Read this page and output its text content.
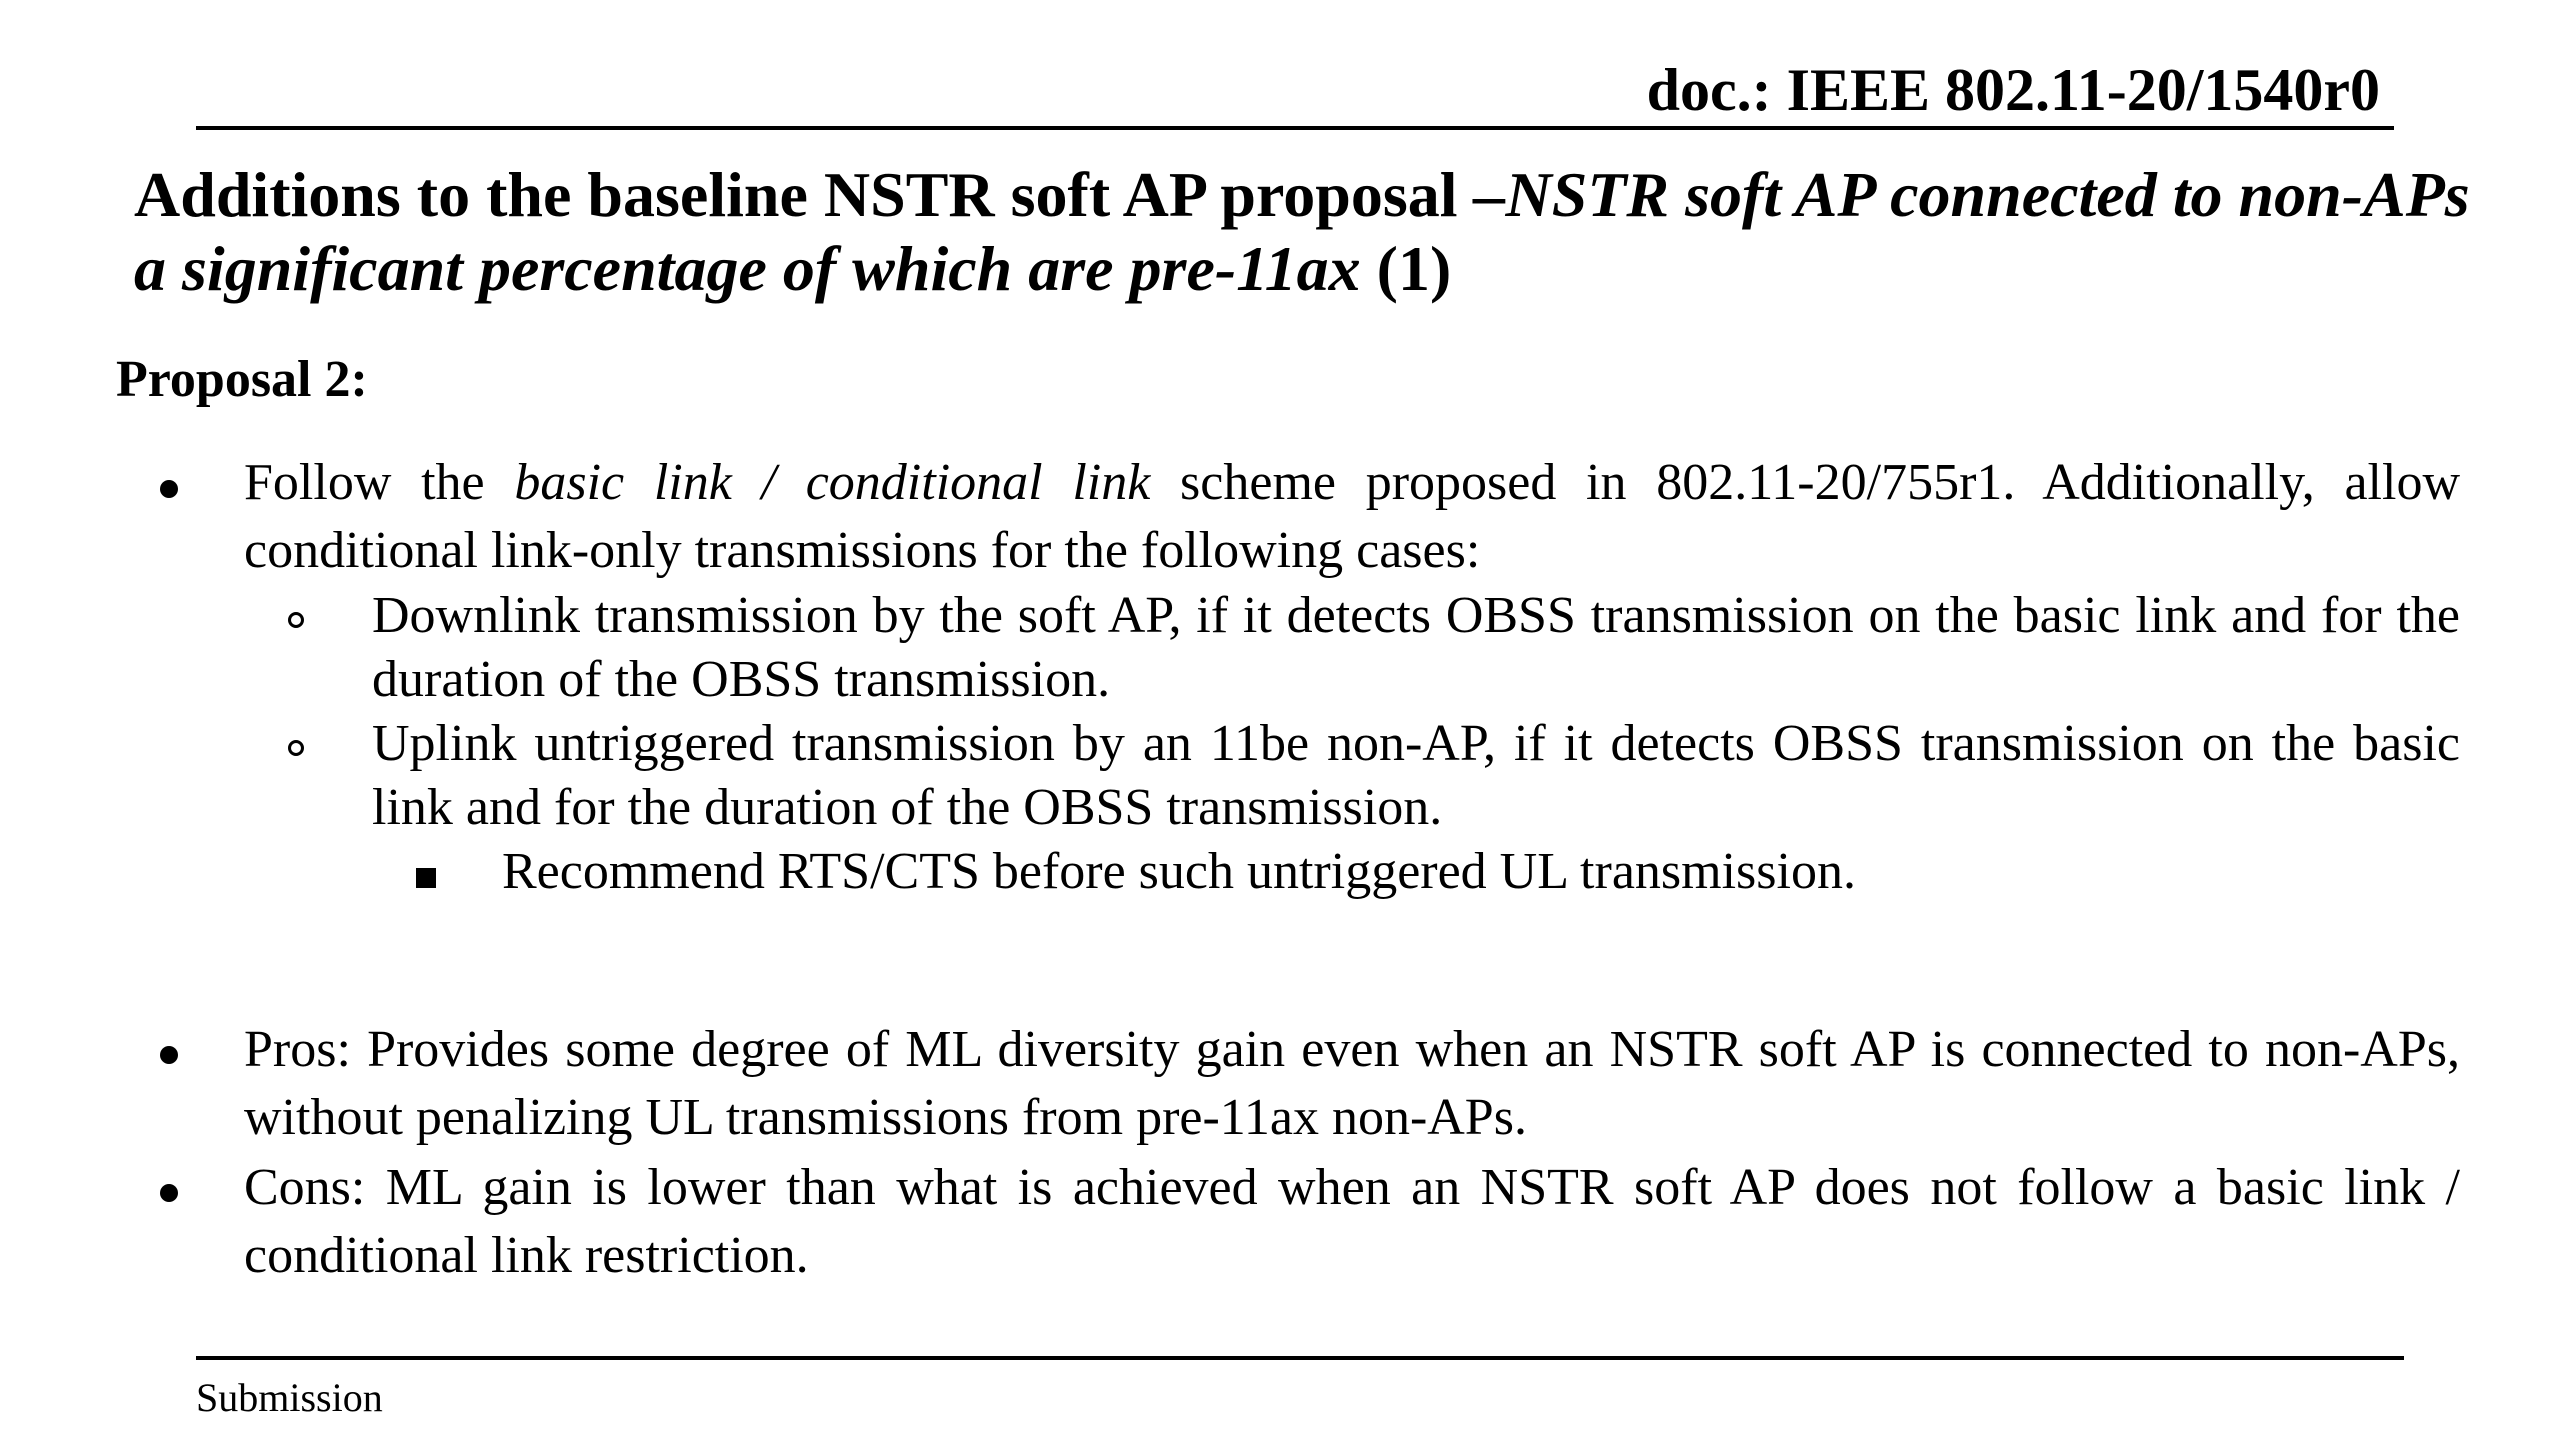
doc.: IEEE 802.11-20/1540r0
Additions to the baseline NSTR soft AP proposal –NSTR soft AP connected to non-APs a significant percentage of which are pre-11ax (1)
Proposal 2:
Follow the basic link / conditional link scheme proposed in 802.11-20/755r1. Additionally, allow conditional link-only transmissions for the following cases:
Downlink transmission by the soft AP, if it detects OBSS transmission on the basic link and for the duration of the OBSS transmission.
Uplink untriggered transmission by an 11be non-AP, if it detects OBSS transmission on the basic link and for the duration of the OBSS transmission.
Recommend RTS/CTS before such untriggered UL transmission.
Pros: Provides some degree of ML diversity gain even when an NSTR soft AP is connected to non-APs, without penalizing UL transmissions from pre-11ax non-APs.
Cons: ML gain is lower than what is achieved when an NSTR soft AP does not follow a basic link / conditional link restriction.
Submission
